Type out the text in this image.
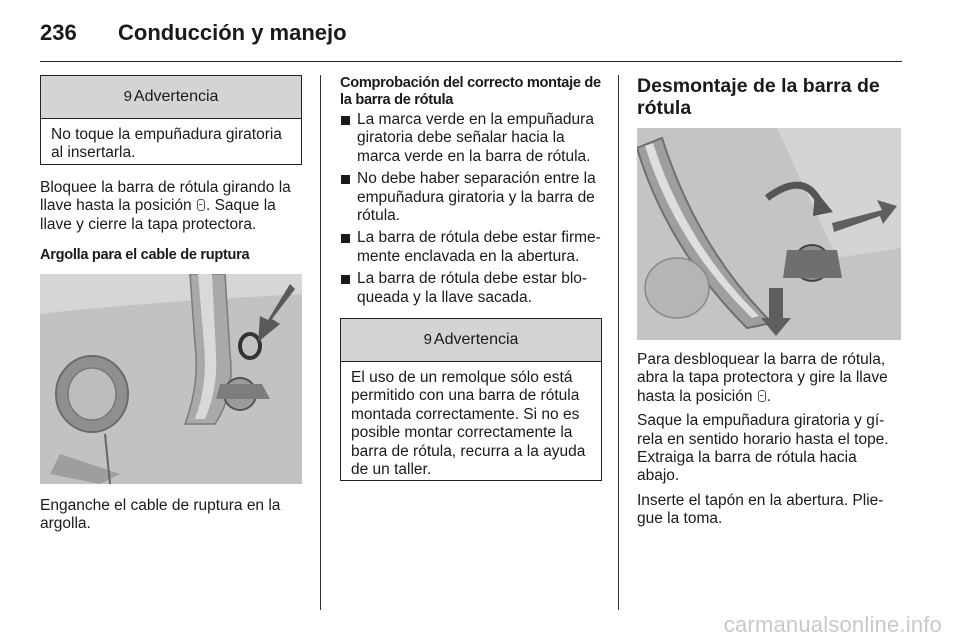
236 Conducción y manejo
9 Advertencia
No toque la empuñadura giratoria al insertarla.

Bloquee la barra de rótula girando la llave hasta la posición . Saque la llave y cierre la tapa protectora.

Argolla para el cable de ruptura

Enganche el cable de ruptura en la argolla.

Comprobación del correcto montaje de la barra de rótula

La marca verde en la empuñadura giratoria debe señalar hacia la marca verde en la barra de rótula.
No debe haber separación entre la empuñadura giratoria y la barra de rótula.
La barra de rótula debe estar firme-mente enclavada en la abertura.
La barra de rótula debe estar blo-queada y la llave sacada.
9 Advertencia
El uso de un remolque sólo está permitido con una barra de rótula montada correctamente. Si no es posible montar correctamente la barra de rótula, recurra a la ayuda de un taller.
Desmontaje de la barra de rótula

Para desbloquear la barra de rótula, abra la tapa protectora y gire la llave hasta la posición .

Saque la empuñadura giratoria y gí-rela en sentido horario hasta el tope. Extraiga la barra de rótula hacia abajo.

Inserte el tapón en la abertura. Plie-gue la toma.

carmanualsonline.info
